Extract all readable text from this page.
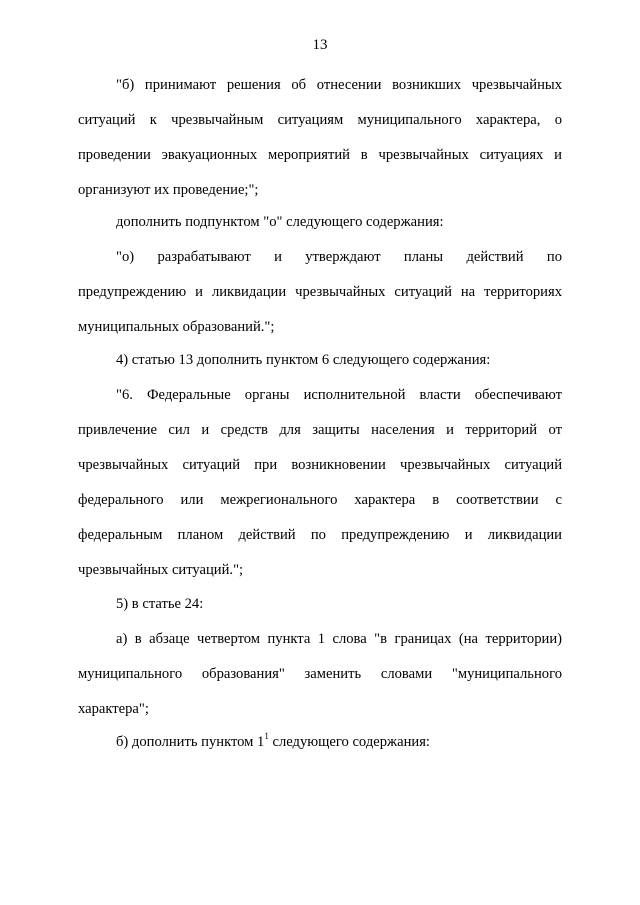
13

"б) принимают решения об отнесении возникших чрезвычайных
ситуаций к чрезвычайным ситуациям муниципального характера, о
проведении эвакуационных мероприятий в чрезвычайных ситуациях и
организуют их проведение;";

дополнить подпунктом "о" следующего содержания:

"о) разрабатывают и утверждают планы действий по
предупреждению и ликвидации чрезвычайных ситуаций на территориях
муниципальных образований.";

4) статью 13 дополнить пунктом 6 следующего содержания:

"6. Федеральные органы исполнительной власти обеспечивают
привлечение сил и средств для защиты населения и территорий от
чрезвычайных ситуаций при возникновении чрезвычайных ситуаций
федерального или межрегионального характера в соответствии с
федеральным планом действий по предупреждению и ликвидации
чрезвычайных ситуаций.";

5) в статье 24:

а) в абзаце четвертом пункта 1 слова "в границах (на территории)
муниципального образования" заменить словами "муниципального
характера";

б) дополнить пунктом $1^1$ следующего содержания:
